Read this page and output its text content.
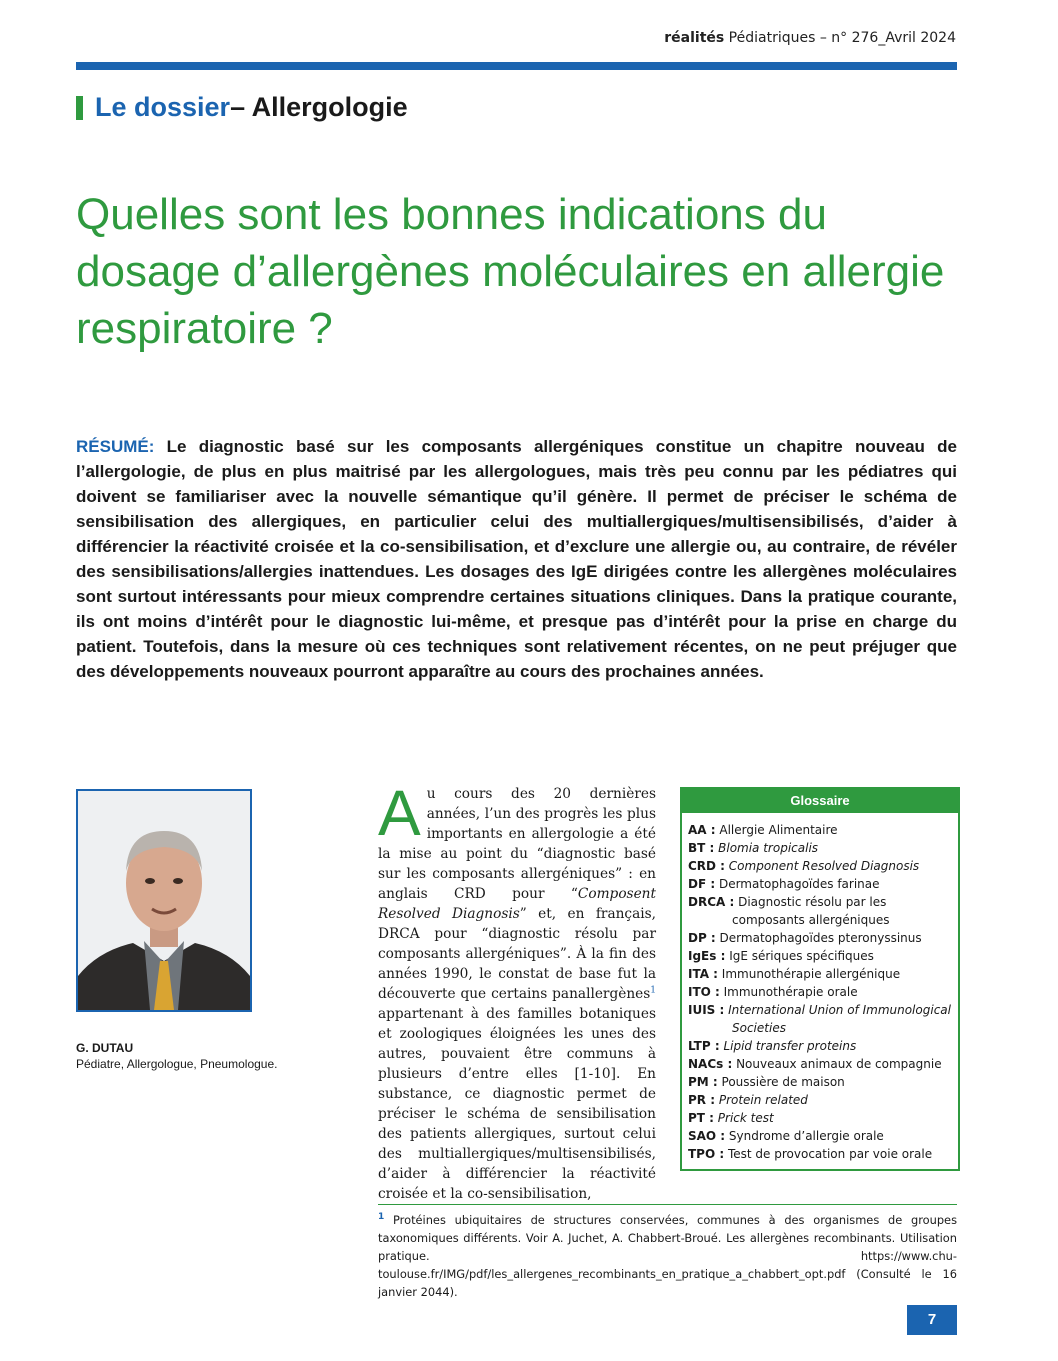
réalités Pédiatriques – n° 276_Avril 2024
Le dossier – Allergologie
Quelles sont les bonnes indications du dosage d’allergènes moléculaires en allergie respiratoire ?

RÉSUMÉ: Le diagnostic basé sur les composants allergéniques constitue un chapitre nouveau de l’allergologie, de plus en plus maitrisé par les allergologues, mais très peu connu par les pédiatres qui doivent se familiariser avec la nouvelle sémantique qu’il génère. Il permet de préciser le schéma de sensibilisation des allergiques, en particulier celui des multiallergiques/multisensibilisés, d’aider à différencier la réactivité croisée et la co-sensibilisation, et d’exclure une allergie ou, au contraire, de révéler des sensibilisations/allergies inattendues. Les dosages des IgE dirigées contre les allergènes moléculaires sont surtout intéressants pour mieux comprendre certaines situations cliniques. Dans la pratique courante, ils ont moins d’intérêt pour le diagnostic lui-même, et presque pas d’intérêt pour la prise en charge du patient. Toutefois, dans la mesure où ces techniques sont relativement récentes, on ne peut préjuger que des développements nouveaux pourront apparaître au cours des prochaines années.

G. DUTAU
Pédiatre, Allergologue, Pneumologue.

Au cours des 20 dernières années, l’un des progrès les plus importants en allergologie a été la mise au point du “diagnostic basé sur les composants allergéniques” : en anglais CRD pour “Composent Resolved Diagnosis” et, en français, DRCA pour “diagnostic résolu par composants allergéniques”. À la fin des années 1990, le constat de base fut la découverte que certains panallergènes$^1$ appartenant à des familles botaniques et zoologiques éloignées les unes des autres, pouvaient être communs à plusieurs d’entre elles [1-10]. En substance, ce diagnostic permet de préciser le schéma de sensibilisation des patients allergiques, surtout celui des multiallergiques/multisensibilisés, d’aider à différencier la réactivité croisée et la co-sensibilisation,

Glossaire
AA : Allergie Alimentaire
BT : Blomia tropicalis
CRD : Component Resolved Diagnosis
DF : Dermatophagoïdes farinae
DRCA : Diagnostic résolu par les
composants allergéniques
DP : Dermatophagoïdes pteronyssinus
IgEs : IgE sériques spécifiques
ITA : Immunothérapie allergénique
ITO : Immunothérapie orale
IUIS : International Union of Immunological
Societies
LTP : Lipid transfer proteins
NACs : Nouveaux animaux de compagnie
PM : Poussière de maison
PR : Protein related
PT : Prick test
SAO : Syndrome d’allergie orale
TPO : Test de provocation par voie orale

$^1$ Protéines ubiquitaires de structures conservées, communes à des organismes de groupes taxonomiques différents. Voir A. Juchet, A. Chabbert-Broué. Les allergènes recombinants. Utilisation pratique. https://www.chu-toulouse.fr/IMG/pdf/les_allergenes_recombinants_en_pratique_a_chabbert_opt.pdf (Consulté le 16 janvier 2044).

7
